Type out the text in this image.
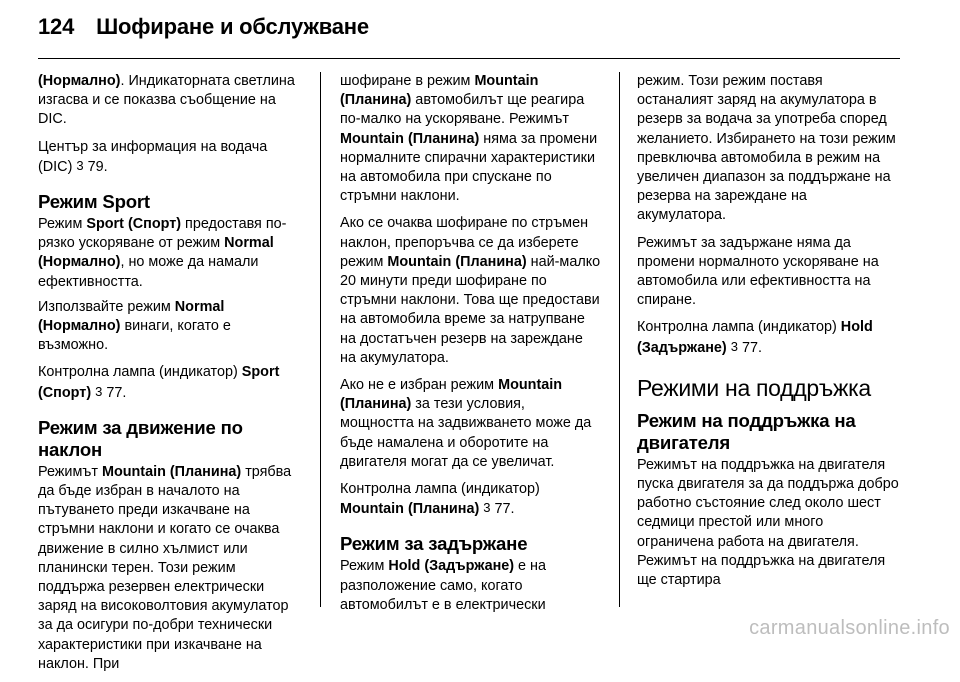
124 Шофиране и обслужване

(Нормално). Индикаторната светлина изгасва и се показва съобщение на DIC.

Център за информация на водача (DIC) 3 79.

Режим Sport

Режим Sport (Спорт) предоставя по-рязко ускоряване от режим Normal (Нормално), но може да намали ефективността.

Използвайте режим Normal (Нормално) винаги, когато е възможно.

Контролна лампа (индикатор) Sport (Спорт) 3 77.

Режим за движение по наклон

Режимът Mountain (Планина) трябва да бъде избран в началото на пътуването преди изкачване на стръмни наклони и когато се очаква движение в силно хълмист или планински терен. Този режим поддържа резервен електрически заряд на високоволтовия акумулатор за да осигури по-добри технически характеристики при изкачване на наклон. При

шофиране в режим Mountain (Планина) автомобилът ще реагира по-малко на ускоряване. Режимът Mountain (Планина) няма за промени нормалните спирачни характеристики на автомобила при спускане по стръмни наклони.

Ако се очаква шофиране по стръмен наклон, препоръчва се да изберете режим Mountain (Планина) най-малко 20 минути преди шофиране по стръмни наклони. Това ще предостави на автомобила време за натрупване на достатъчен резерв на зареждане на акумулатора.

Ако не е избран режим Mountain (Планина) за тези условия, мощността на задвижването може да бъде намалена и оборотите на двигателя могат да се увеличат.

Контролна лампа (индикатор) Mountain (Планина) 3 77.

Режим за задържане

Режим Hold (Задържане) е на разположение само, когато автомобилът е в електрически

режим. Този режим поставя останалият заряд на акумулатора в резерв за водача за употреба според желанието. Избирането на този режим превключва автомобила в режим на увеличен диапазон за поддържане на резерва на зареждане на акумулатора.

Режимът за задържане няма да промени нормалното ускоряване на автомобила или ефективността на спиране.

Контролна лампа (индикатор) Hold (Задържане) 3 77.

Режими на поддръжка
Режим на поддръжка на двигателя

Режимът на поддръжка на двигателя пуска двигателя за да поддържа добро работно състояние след около шест седмици престой или много ограничена работа на двигателя. Режимът на поддръжка на двигателя ще стартира

carmanualsonline.info
